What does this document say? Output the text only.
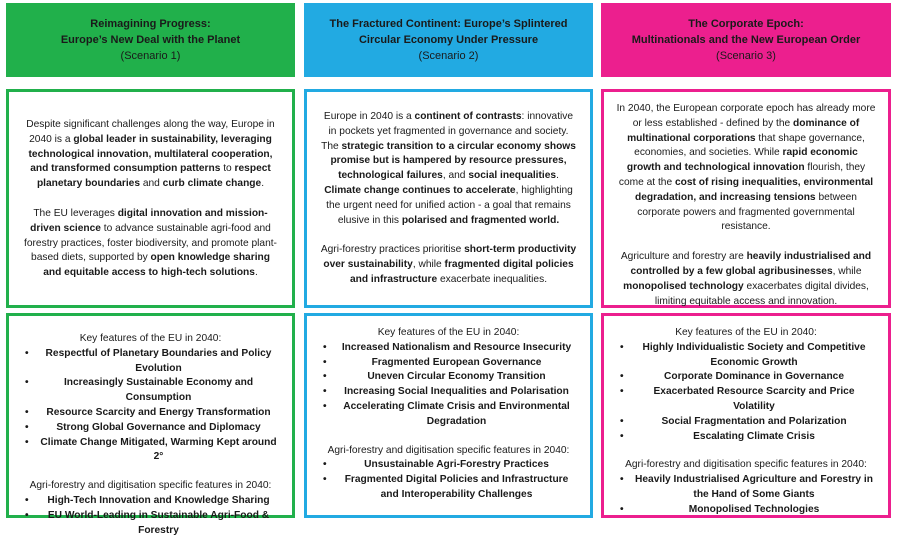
Reimagining Progress:
Europe’s New Deal with the Planet
(Scenario 1)

Despite significant challenges along the way, Europe in 2040 is a global leader in sustainability, leveraging technological innovation, multilateral cooperation, and transformed consumption patterns to respect planetary boundaries and curb climate change.

The EU leverages digital innovation and mission-driven science to advance sustainable agri-food and forestry practices, foster biodiversity, and promote plant-based diets, supported by open knowledge sharing and equitable access to high-tech solutions.

Key features of the EU in 2040:

• Respectful of Planetary Boundaries and Policy Evolution
•	Increasingly Sustainable Economy and Consumption
• Resource Scarcity and Energy Transformation
•	Strong Global Governance and Diplomacy
• Climate Change Mitigated, Warming Kept around 2°

Agri-forestry and digitisation specific features in 2040:

• High-Tech Innovation and Knowledge Sharing
• EU World-Leading in Sustainable Agri-Food & Forestry
The Fractured Continent: Europe’s Splintered
Circular Economy Under Pressure
(Scenario 2)

Europe in 2040 is a continent of contrasts: innovative in pockets yet fragmented in governance and society. The strategic transition to a circular economy shows promise but is hampered by resource pressures, technological failures, and social inequalities. Climate change continues to accelerate, highlighting the urgent need for unified action - a goal that remains elusive in this polarised and fragmented world.

Agri-forestry practices prioritise short-term productivity over sustainability, while fragmented digital policies and infrastructure exacerbate inequalities.

Key features of the EU in 2040:

• Increased Nationalism and Resource Insecurity
•	Fragmented European Governance
•	Uneven Circular Economy Transition
• Increasing Social Inequalities and Polarisation
• Accelerating Climate Crisis and Environmental Degradation

Agri-forestry and digitisation specific features in 2040:

•	Unsustainable Agri-Forestry Practices
• Fragmented Digital Policies and Infrastructure and Interoperability Challenges
The Corporate Epoch:
Multinationals and the New European Order
(Scenario 3)

In 2040, the European corporate epoch has already more or less established - defined by the dominance of multinational corporations that shape governance, economies, and societies. While rapid economic growth and technological innovation flourish, they come at the cost of rising inequalities, environmental degradation, and increasing tensions between corporate powers and fragmented governmental resistance.

Agriculture and forestry are heavily industrialised and controlled by a few global agribusinesses, while monopolised technology exacerbates digital divides, limiting equitable access and innovation.

Key features of the EU in 2040:

• Highly Individualistic Society and Competitive Economic Growth
•	Corporate Dominance in Governance
•	Exacerbated Resource Scarcity and Price Volatility
•	Social Fragmentation and Polarization
•	Escalating Climate Crisis

Agri-forestry and digitisation specific features in 2040:

• Heavily Industrialised Agriculture and Forestry in the Hand of Some Giants
•	Monopolised Technologies
